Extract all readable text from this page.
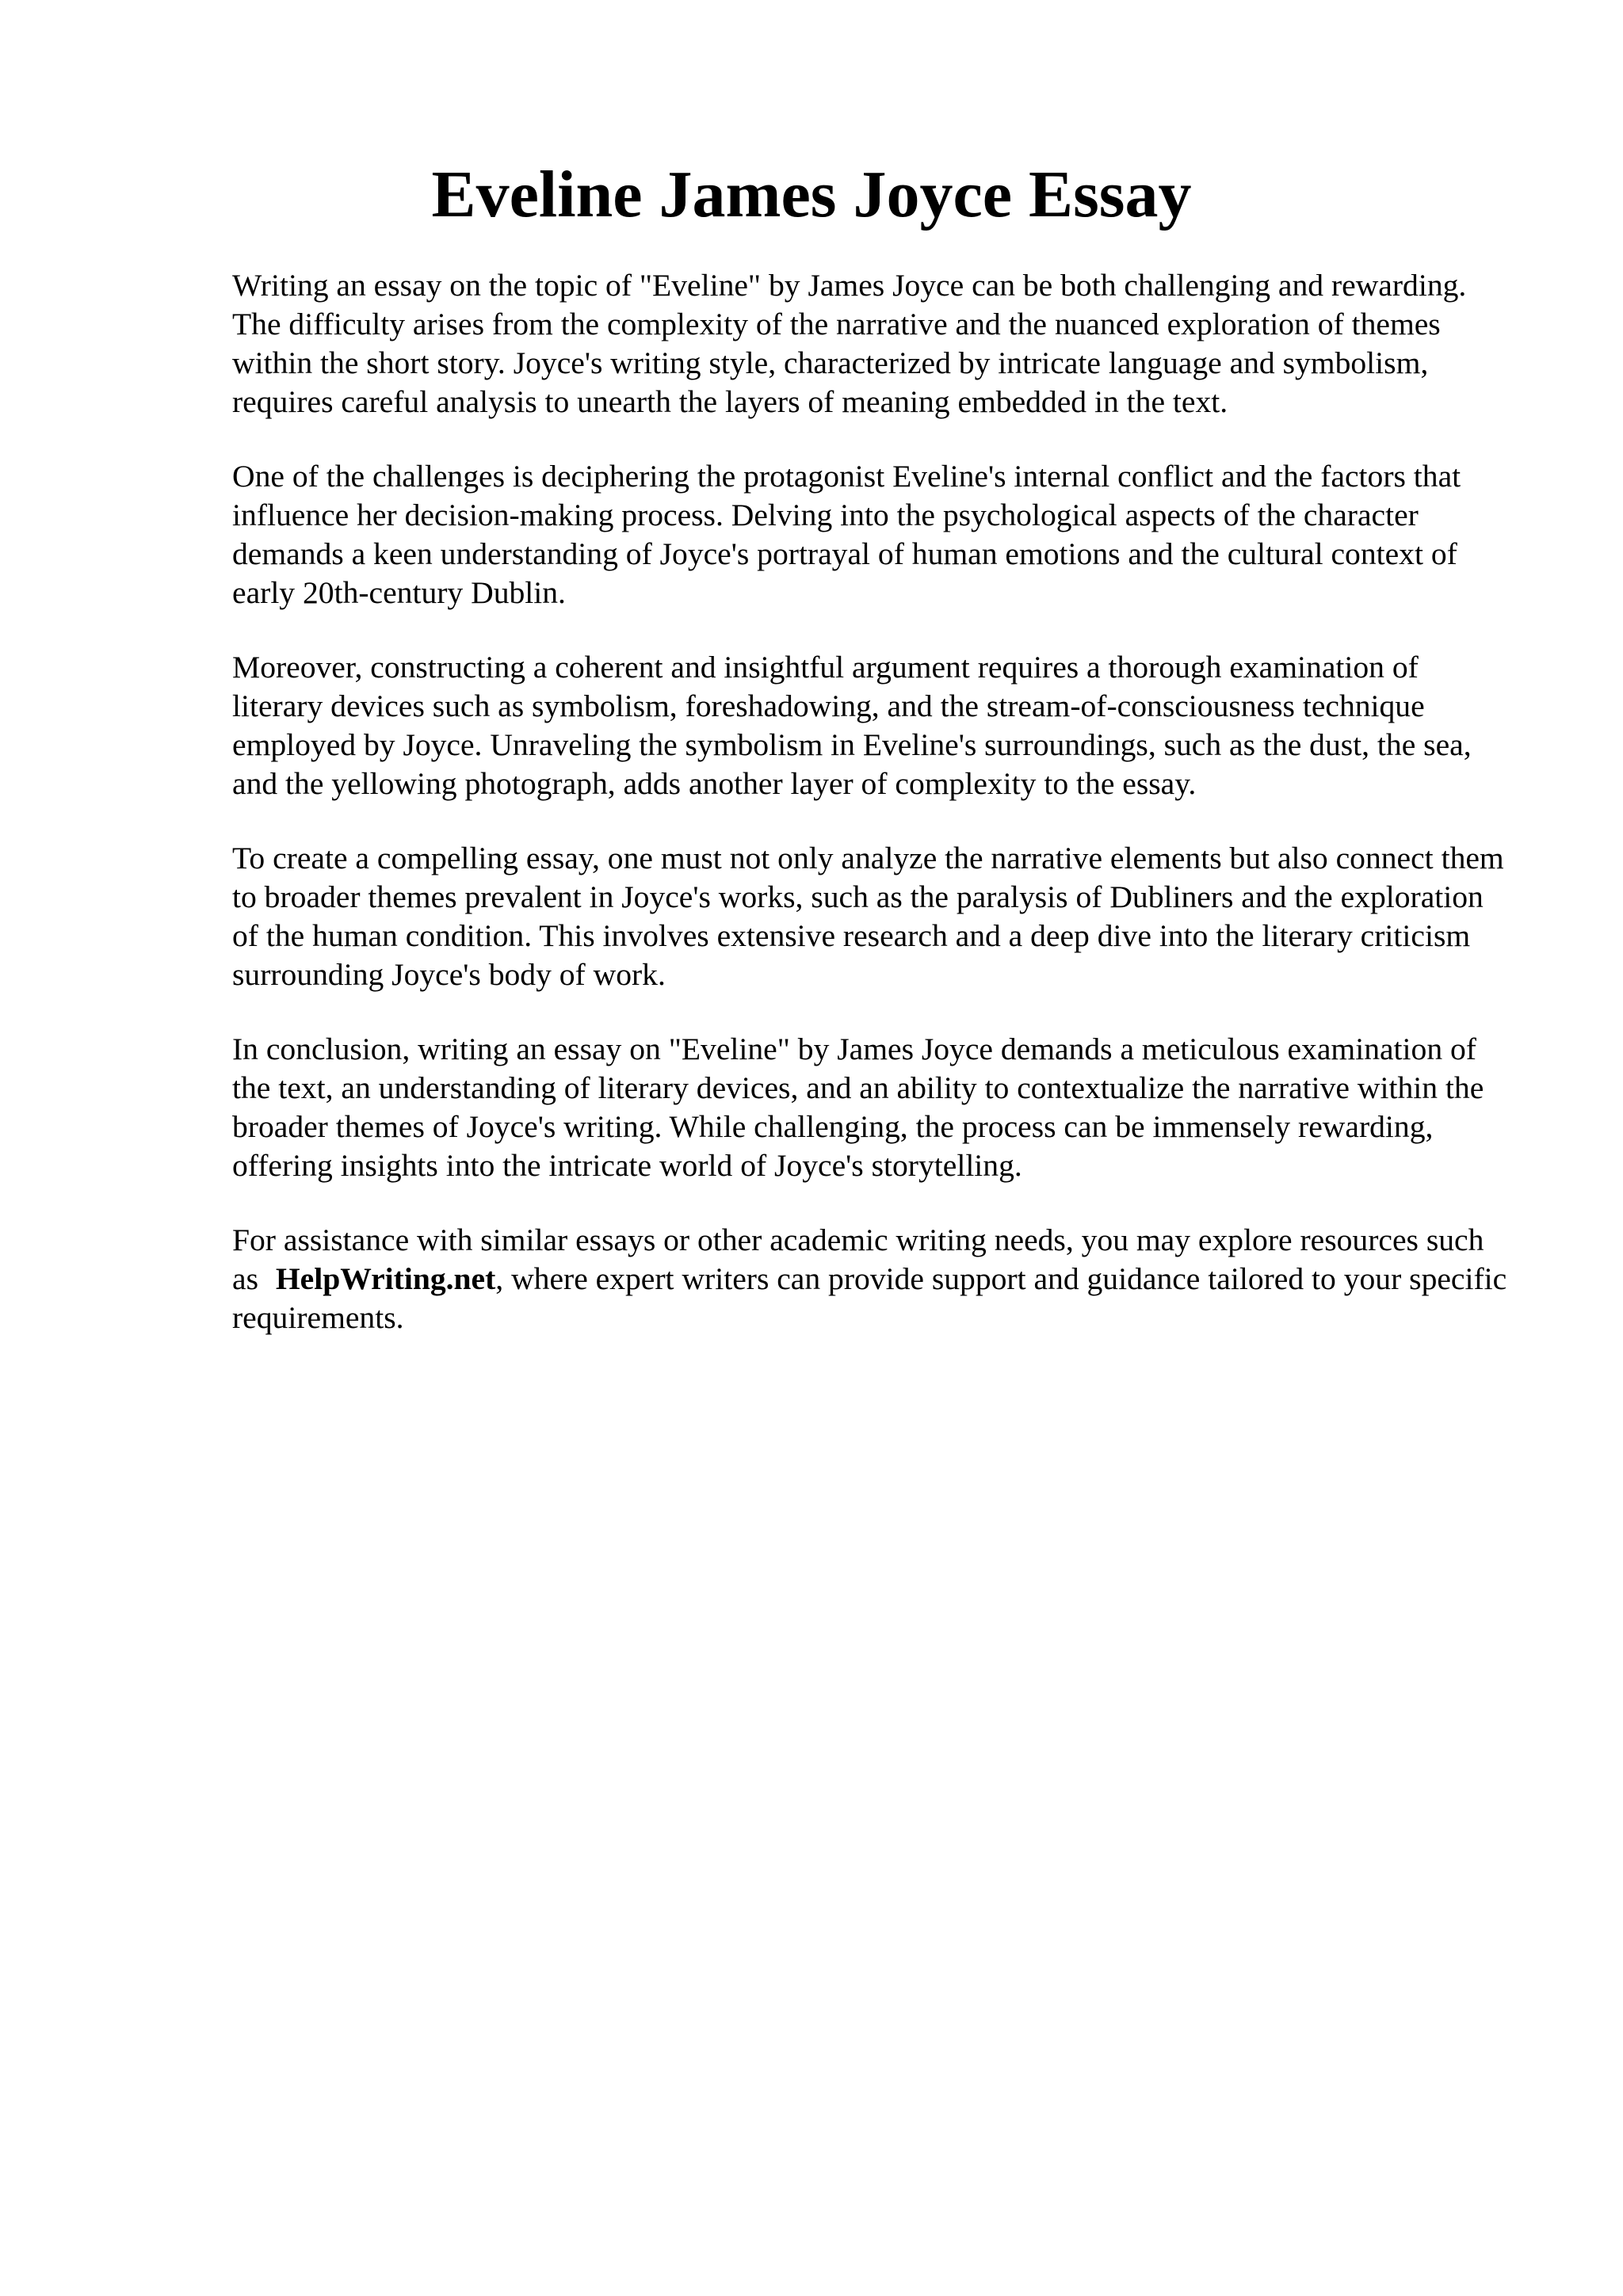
Eveline James Joyce Essay

Writing an essay on the topic of "Eveline" by James Joyce can be both challenging and rewarding. The difficulty arises from the complexity of the narrative and the nuanced exploration of themes within the short story. Joyce's writing style, characterized by intricate language and symbolism, requires careful analysis to unearth the layers of meaning embedded in the text.

One of the challenges is deciphering the protagonist Eveline's internal conflict and the factors that influence her decision-making process. Delving into the psychological aspects of the character demands a keen understanding of Joyce's portrayal of human emotions and the cultural context of early 20th-century Dublin.

Moreover, constructing a coherent and insightful argument requires a thorough examination of literary devices such as symbolism, foreshadowing, and the stream-of-consciousness technique employed by Joyce. Unraveling the symbolism in Eveline's surroundings, such as the dust, the sea, and the yellowing photograph, adds another layer of complexity to the essay.

To create a compelling essay, one must not only analyze the narrative elements but also connect them to broader themes prevalent in Joyce's works, such as the paralysis of Dubliners and the exploration of the human condition. This involves extensive research and a deep dive into the literary criticism surrounding Joyce's body of work.

In conclusion, writing an essay on "Eveline" by James Joyce demands a meticulous examination of the text, an understanding of literary devices, and an ability to contextualize the narrative within the broader themes of Joyce's writing. While challenging, the process can be immensely rewarding, offering insights into the intricate world of Joyce's storytelling.

For assistance with similar essays or other academic writing needs, you may explore resources such as HelpWriting.net, where expert writers can provide support and guidance tailored to your specific requirements.
